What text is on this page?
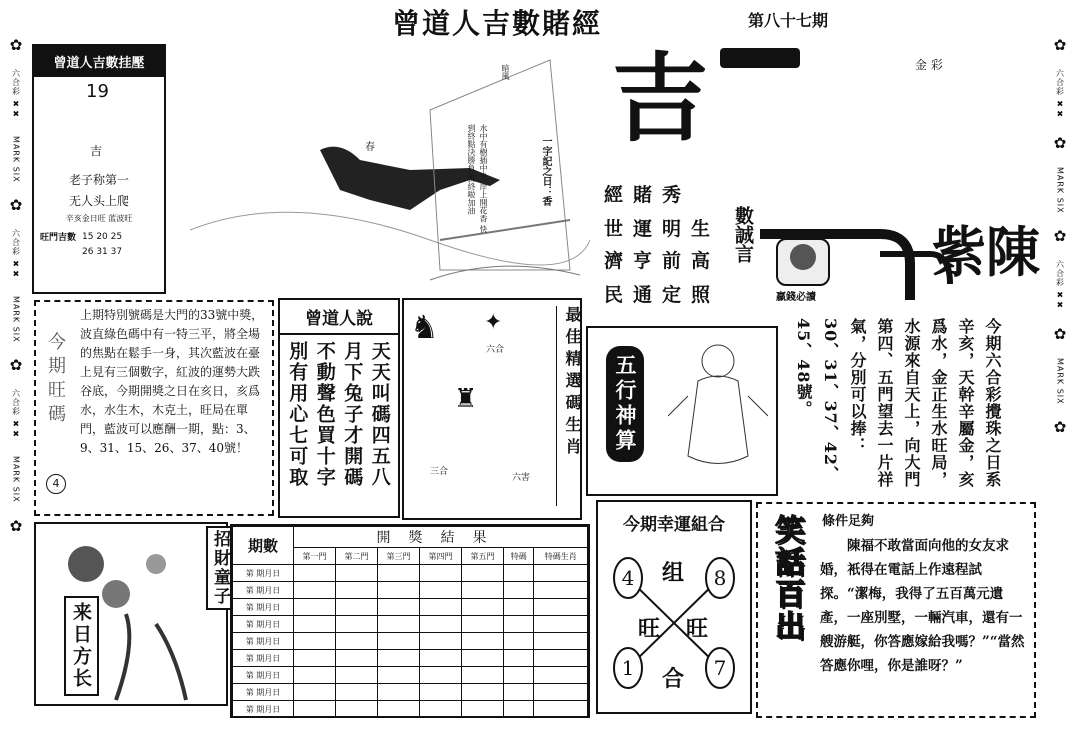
曾道人吉數賭經	第八十七期
金 彩
✿
六合彩 ✖✖
MARK SIX
✿
六合彩 ✖✖
MARK SIX
✿
六合彩 ✖✖
MARK SIX
✿
✿
六合彩 ✖✖
✿
MARK SIX
✿
六合彩 ✖✖
✿
MARK SIX
✿
曾道人吉數挂壓
19
吉
老子称第一
无人头上爬
辛亥金日旺 蓝波旺
旺門吉數 15 20 25
26 31 37
春
暗風
水中有樹插中央 岸上開花香 快到終點決勝負 拼終啦加油	一字記之日：香
吉
經賭秀
世運明生
濟亨前高
民通定照
數誠言
贏錢必讀
紫陳
今期旺碼
上期特別號碼是大門的33號中獎，波直綠色碼中有一特三平，將全場的焦點在鬆手一身，其次藍波在臺上見有三個數字，紅波的運勢大跌谷底，今期開獎之日在亥日，亥爲水，水生木，木克土，旺局在單門，藍波可以應酬一期，點：3、9、31、15、26、37、40號！
4
曾道人說
天天叫碼四五八
月下兔子才開碼
不動聲色買十字
別有用心七可取
♞ ✦
六合
♜
三合
六害
最佳精選碼生肖	五行神算	今期六合彩攪珠之日系辛亥，天幹辛屬金，亥爲水，金正生水旺局，水源來自天上，向大門第四、五門望去一片祥氣，分別可以捧：30、31、37、42、45、48號。
来日方长
招財童子	期數	開獎結果						
	第一門	第二門	第三門	第四門	第五門	特碼	特碼生肖
第 期月日							
第 期月日							
第 期月日							
第 期月日							
第 期月日							
第 期月日							
第 期月日							
第 期月日							
第 期月日							
今期幸運組合
4	8
1	7
组
旺 旺
合
笑話百出	條件足夠
陳福不敢當面向他的女友求婚，衹得在電話上作遠程試探。“潔梅，我得了五百萬元遺產，一座別墅，一輛汽車，還有一艘游艇，你答應嫁給我嗎？”“當然答應你哩，你是誰呀？”
